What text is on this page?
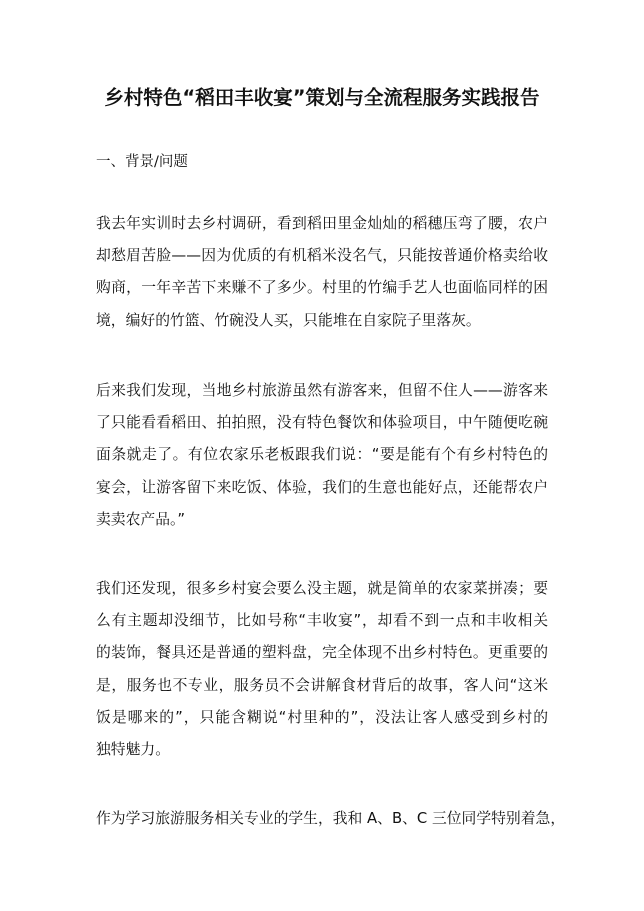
乡村特色“稻田丰收宴”策划与全流程服务实践报告
一、背景/问题

我去年实训时去乡村调研，看到稻田里金灿灿的稻穗压弯了腰，农户
却愁眉苦脸——因为优质的有机稻米没名气，只能按普通价格卖给收
购商，一年辛苦下来赚不了多少。村里的竹编手艺人也面临同样的困
境，编好的竹篮、竹碗没人买，只能堆在自家院子里落灰。

后来我们发现，当地乡村旅游虽然有游客来，但留不住人——游客来
了只能看看稻田、拍拍照，没有特色餐饮和体验项目，中午随便吃碗
面条就走了。有位农家乐老板跟我们说：“要是能有个有乡村特色的
宴会，让游客留下来吃饭、体验，我们的生意也能好点，还能帮农户
卖卖农产品。”

我们还发现，很多乡村宴会要么没主题，就是简单的农家菜拼凑；要
么有主题却没细节，比如号称“丰收宴”，却看不到一点和丰收相关
的装饰，餐具还是普通的塑料盘，完全体现不出乡村特色。更重要的
是，服务也不专业，服务员不会讲解食材背后的故事，客人问“这米
饭是哪来的”，只能含糊说“村里种的”，没法让客人感受到乡村的
独特魅力。

作为学习旅游服务相关专业的学生，我和 A、B、C 三位同学特别着急，
